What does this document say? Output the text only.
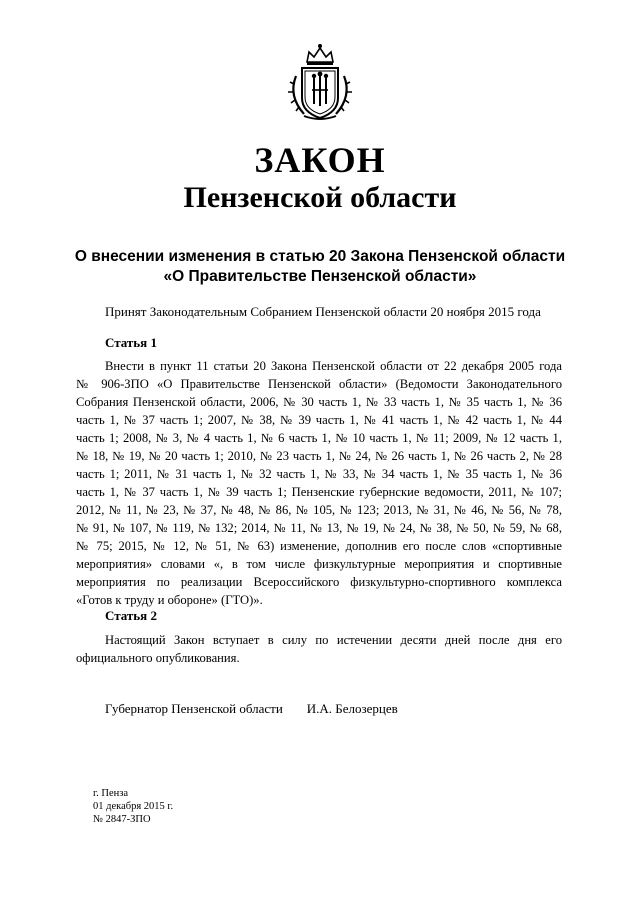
ЗАКОН
Пензенской области
О внесении изменения в статью 20 Закона Пензенской области
«О Правительстве Пензенской области»
Принят Законодательным Собранием Пензенской области 20 ноября 2015 года
Статья 1
Внести в пункт 11 статьи 20 Закона Пензенской области от 22 декабря 2005 года
№ 906-ЗПО «О Правительстве Пензенской области» (Ведомости Законодательного
Собрания Пензенской области, 2006, № 30 часть 1, № 33 часть 1, № 35 часть 1, № 36
часть 1, № 37 часть 1; 2007, № 38, № 39 часть 1, № 41 часть 1, № 42 часть 1, № 44
часть 1; 2008, № 3, № 4 часть 1, № 6 часть 1, № 10 часть 1, № 11; 2009, № 12 часть 1,
№ 18, № 19, № 20 часть 1; 2010, № 23 часть 1, № 24, № 26 часть 1, № 26 часть 2, № 28
часть 1; 2011, № 31 часть 1, № 32 часть 1, № 33, № 34 часть 1, № 35 часть 1, № 36
часть 1, № 37 часть 1, № 39 часть 1; Пензенские губернские ведомости, 2011, № 107;
2012, № 11, № 23, № 37, № 48, № 86, № 105, № 123; 2013, № 31, № 46, № 56, № 78,
№ 91, № 107, № 119, № 132; 2014, № 11, № 13, № 19, № 24, № 38, № 50, № 59, № 68,
№ 75; 2015, № 12, № 51, № 63) изменение, дополнив его после слов «спортивные
мероприятия» словами «, в том числе физкультурные мероприятия и спортивные
мероприятия по реализации Всероссийского физкультурно-спортивного комплекса
«Готов к труду и обороне» (ГТО)».
Статья 2
Настоящий Закон вступает в силу по истечении десяти дней после дня его
официального опубликования.
Губернатор Пензенской области И.А. Белозерцев
г. Пенза
01 декабря 2015 г.
№ 2847-ЗПО
